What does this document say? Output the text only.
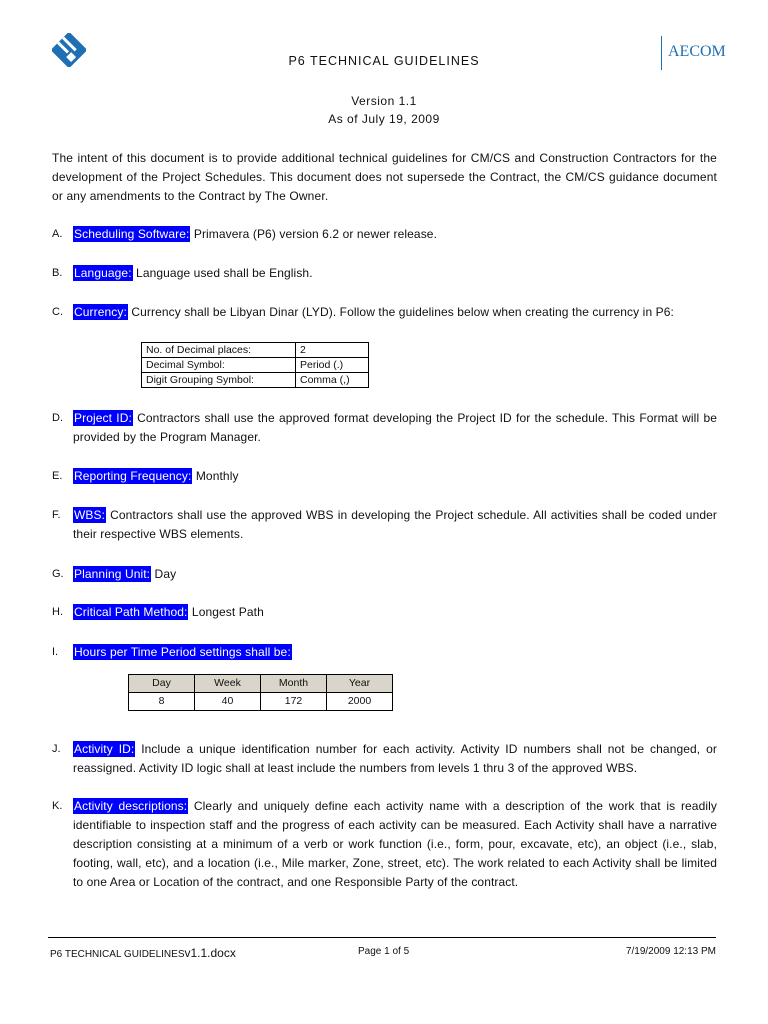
P6 TECHNICAL GUIDELINES
AECOM
Version 1.1
As of July 19, 2009
The intent of this document is to provide additional technical guidelines for CM/CS and Construction Contractors for the development of the Project Schedules. This document does not supersede the Contract, the CM/CS guidance document or any amendments to the Contract by The Owner.
A. Scheduling Software: Primavera (P6) version 6.2 or newer release.
B. Language: Language used shall be English.
C. Currency: Currency shall be Libyan Dinar (LYD). Follow the guidelines below when creating the currency in P6:
No. of Decimal places:	2
Decimal Symbol:	Period (.)
Digit Grouping Symbol:	Comma (,)
D. Project ID: Contractors shall use the approved format developing the Project ID for the schedule. This Format will be provided by the Program Manager.
E. Reporting Frequency: Monthly
F. WBS: Contractors shall use the approved WBS in developing the Project schedule. All activities shall be coded under their respective WBS elements.
G. Planning Unit: Day
H. Critical Path Method: Longest Path
I. Hours per Time Period settings shall be:
Day	Week	Month	Year
8	40	172	2000
J. Activity ID: Include a unique identification number for each activity. Activity ID numbers shall not be changed, or reassigned. Activity ID logic shall at least include the numbers from levels 1 thru 3 of the approved WBS.
K. Activity descriptions: Clearly and uniquely define each activity name with a description of the work that is readily identifiable to inspection staff and the progress of each activity can be measured. Each Activity shall have a narrative description consisting at a minimum of a verb or work function (i.e., form, pour, excavate, etc), an object (i.e., slab, footing, wall, etc), and a location (i.e., Mile marker, Zone, street, etc). The work related to each Activity shall be limited to one Area or Location of the contract, and one Responsible Party of the contract.
P6 TECHNICAL GUIDELINESv1.1.docx	Page 1 of 5	7/19/2009 12:13 PM
